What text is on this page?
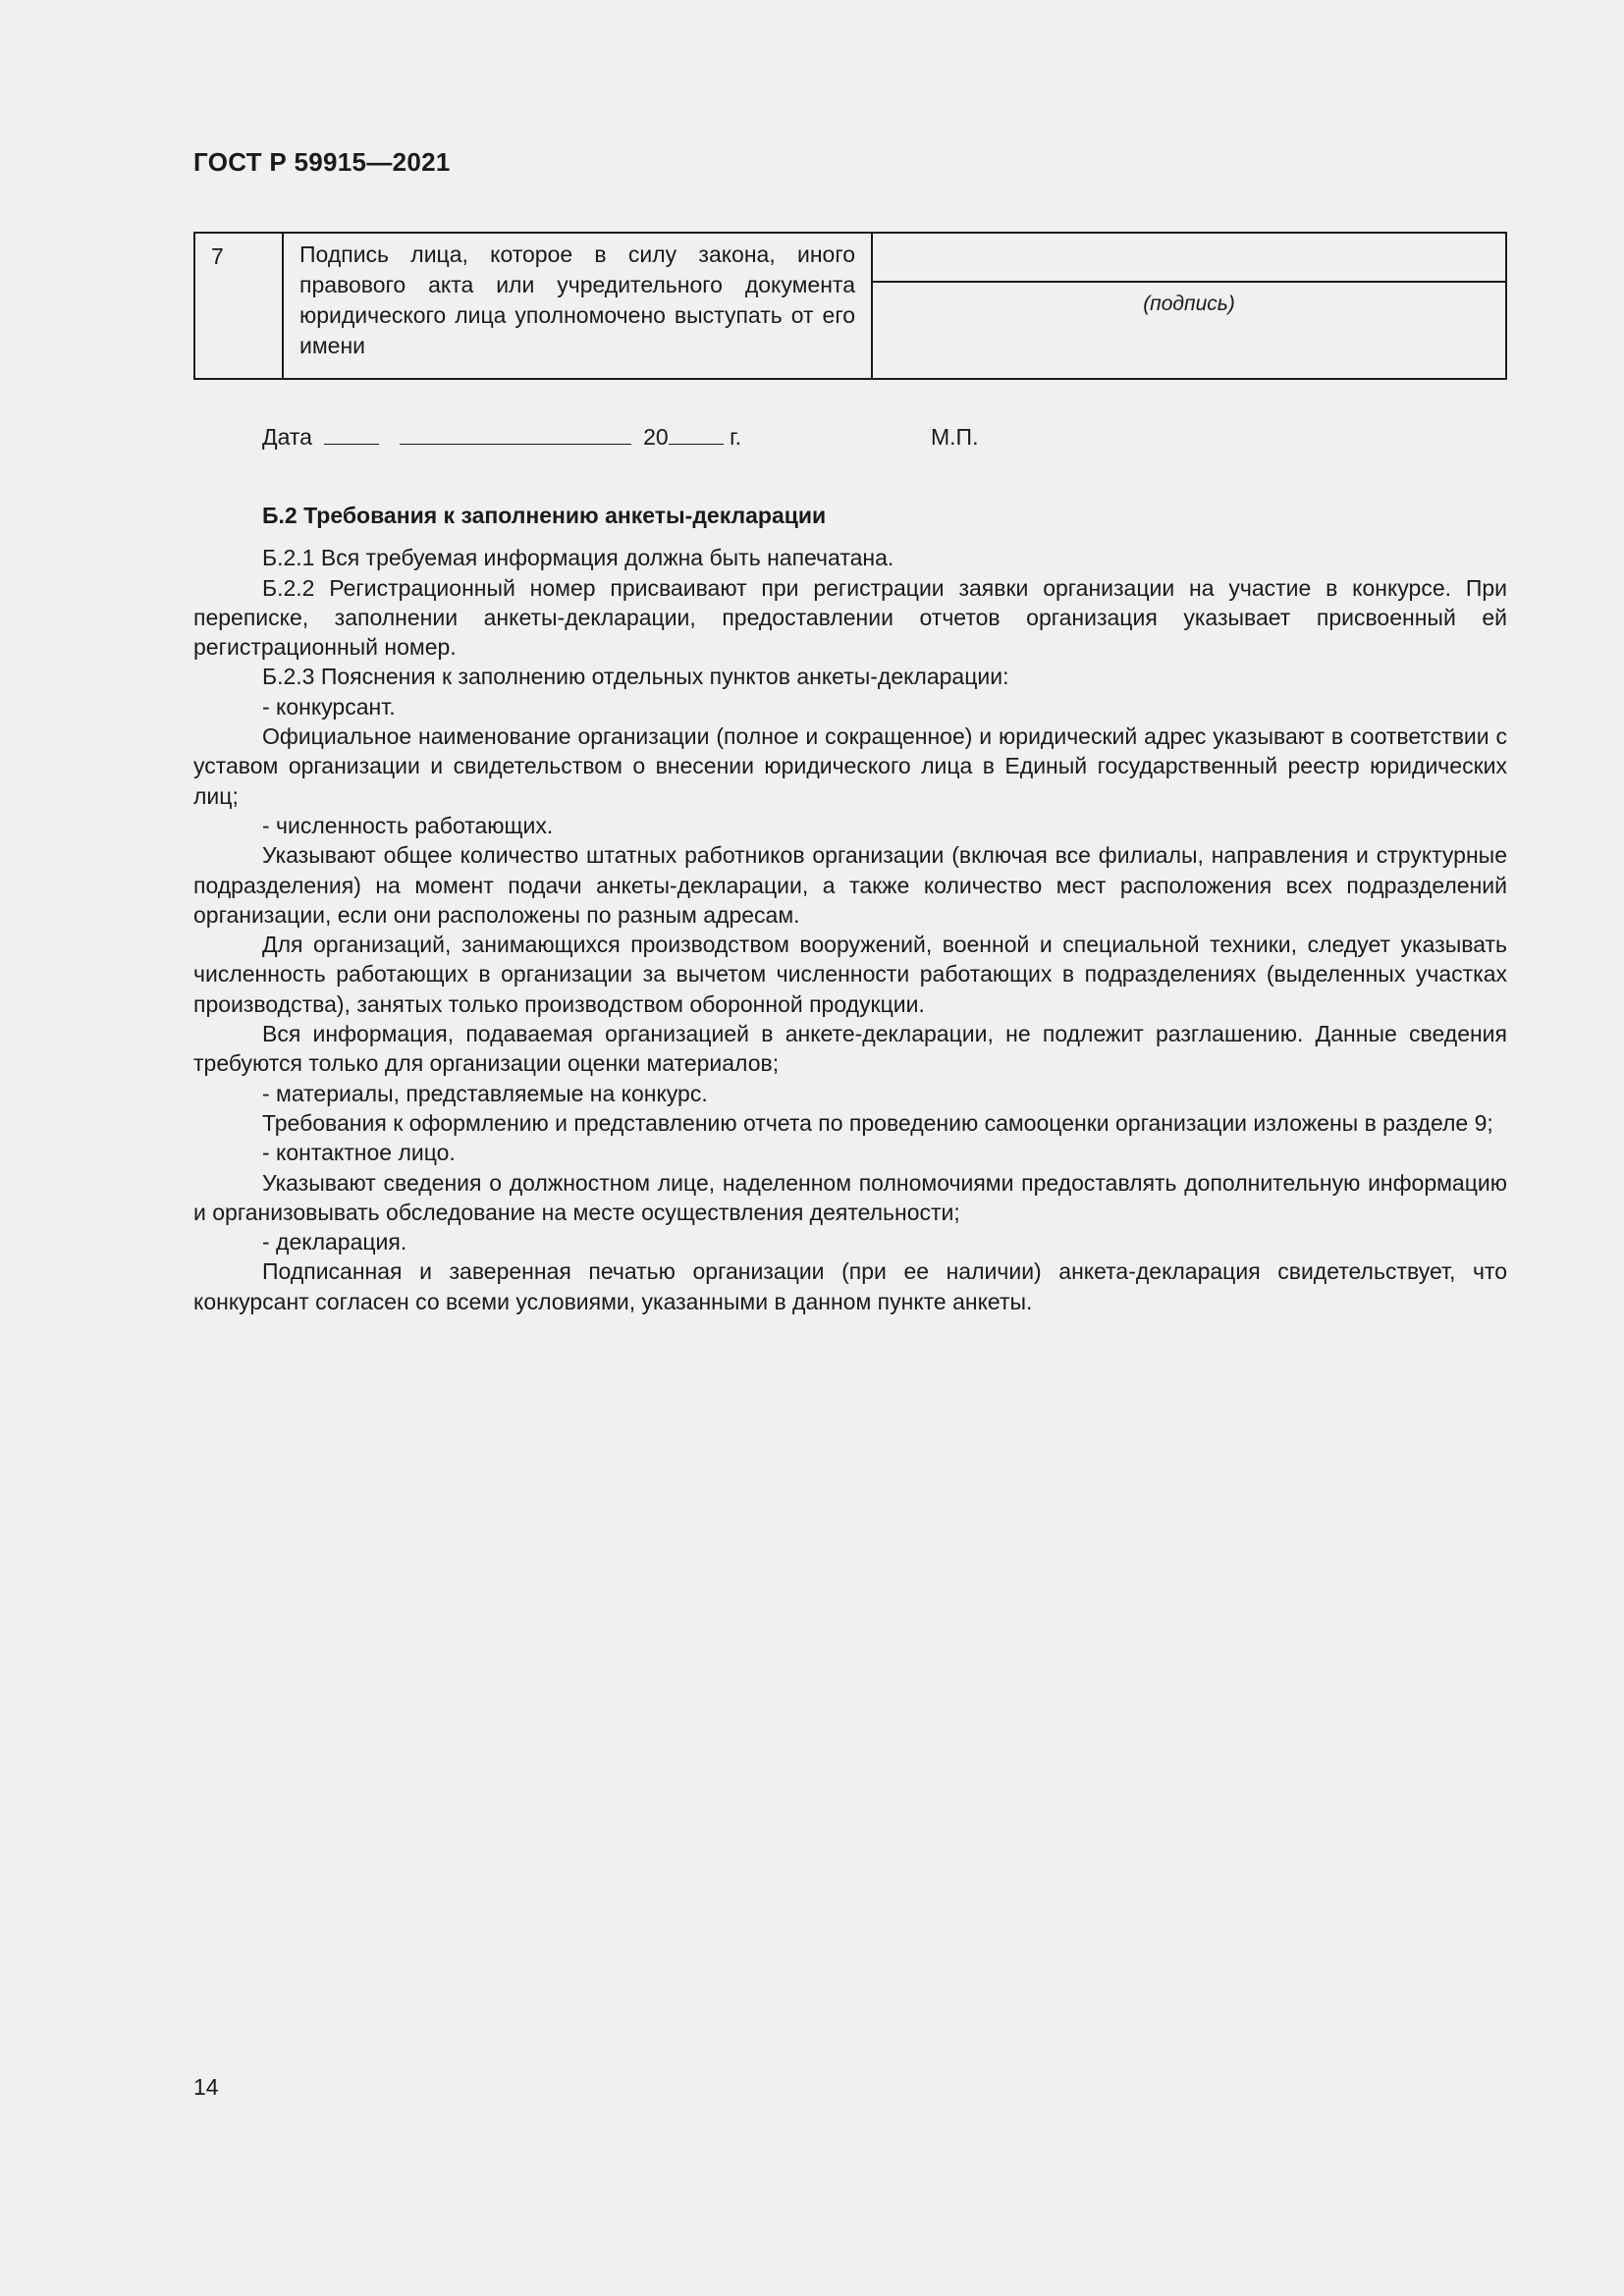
ГОСТ Р 59915—2021
7	Подпись лица, которое в силу закона, иного правового акта или учредительного документа юридического лица уполномочено выступать от его имени	
(подпись)
Дата	20	г.	М.П.

Б.2 Требования к заполнению анкеты-декларации

Б.2.1 Вся требуемая информация должна быть напечатана.

Б.2.2 Регистрационный номер присваивают при регистрации заявки организации на участие в конкурсе. При переписке, заполнении анкеты-декларации, предоставлении отчетов организация указывает присвоенный ей регистрационный номер.

Б.2.3 Пояснения к заполнению отдельных пунктов анкеты-декларации:

- конкурсант.

Официальное наименование организации (полное и сокращенное) и юридический адрес указывают в соответствии с уставом организации и свидетельством о внесении юридического лица в Единый государственный реестр юридических лиц;

- численность работающих.

Указывают общее количество штатных работников организации (включая все филиалы, направления и структурные подразделения) на момент подачи анкеты-декларации, а также количество мест расположения всех подразделений организации, если они расположены по разным адресам.

Для организаций, занимающихся производством вооружений, военной и специальной техники, следует указывать численность работающих в организации за вычетом численности работающих в подразделениях (выделенных участках производства), занятых только производством оборонной продукции.

Вся информация, подаваемая организацией в анкете-декларации, не подлежит разглашению. Данные сведения требуются только для организации оценки материалов;

- материалы, представляемые на конкурс.

Требования к оформлению и представлению отчета по проведению самооценки организации изложены в разделе 9;

- контактное лицо.

Указывают сведения о должностном лице, наделенном полномочиями предоставлять дополнительную информацию и организовывать обследование на месте осуществления деятельности;

- декларация.

Подписанная и заверенная печатью организации (при ее наличии) анкета-декларация свидетельствует, что конкурсант согласен со всеми условиями, указанными в данном пункте анкеты.

14
